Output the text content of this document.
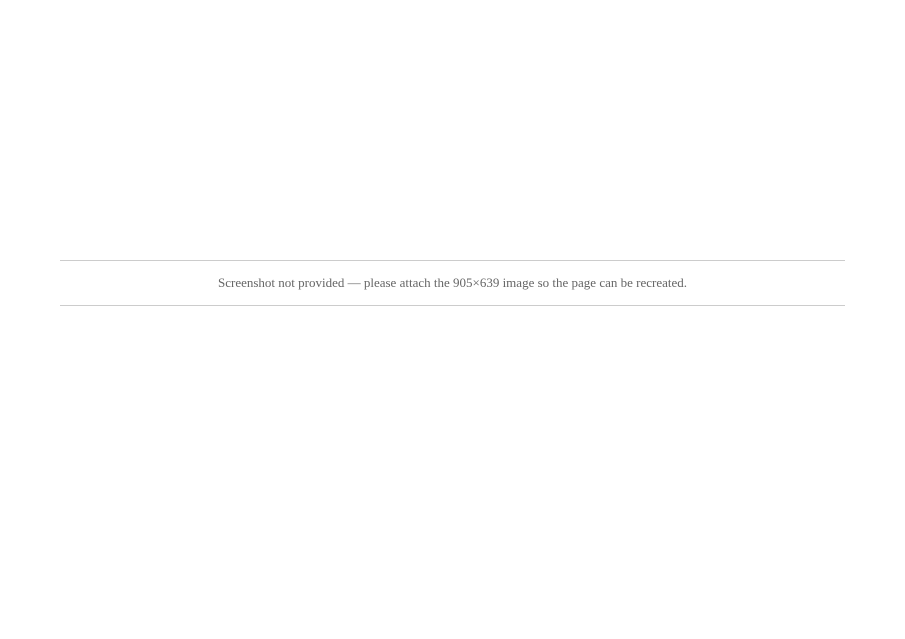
Screenshot not provided — please attach the 905×639 image so the page can be recreated.
